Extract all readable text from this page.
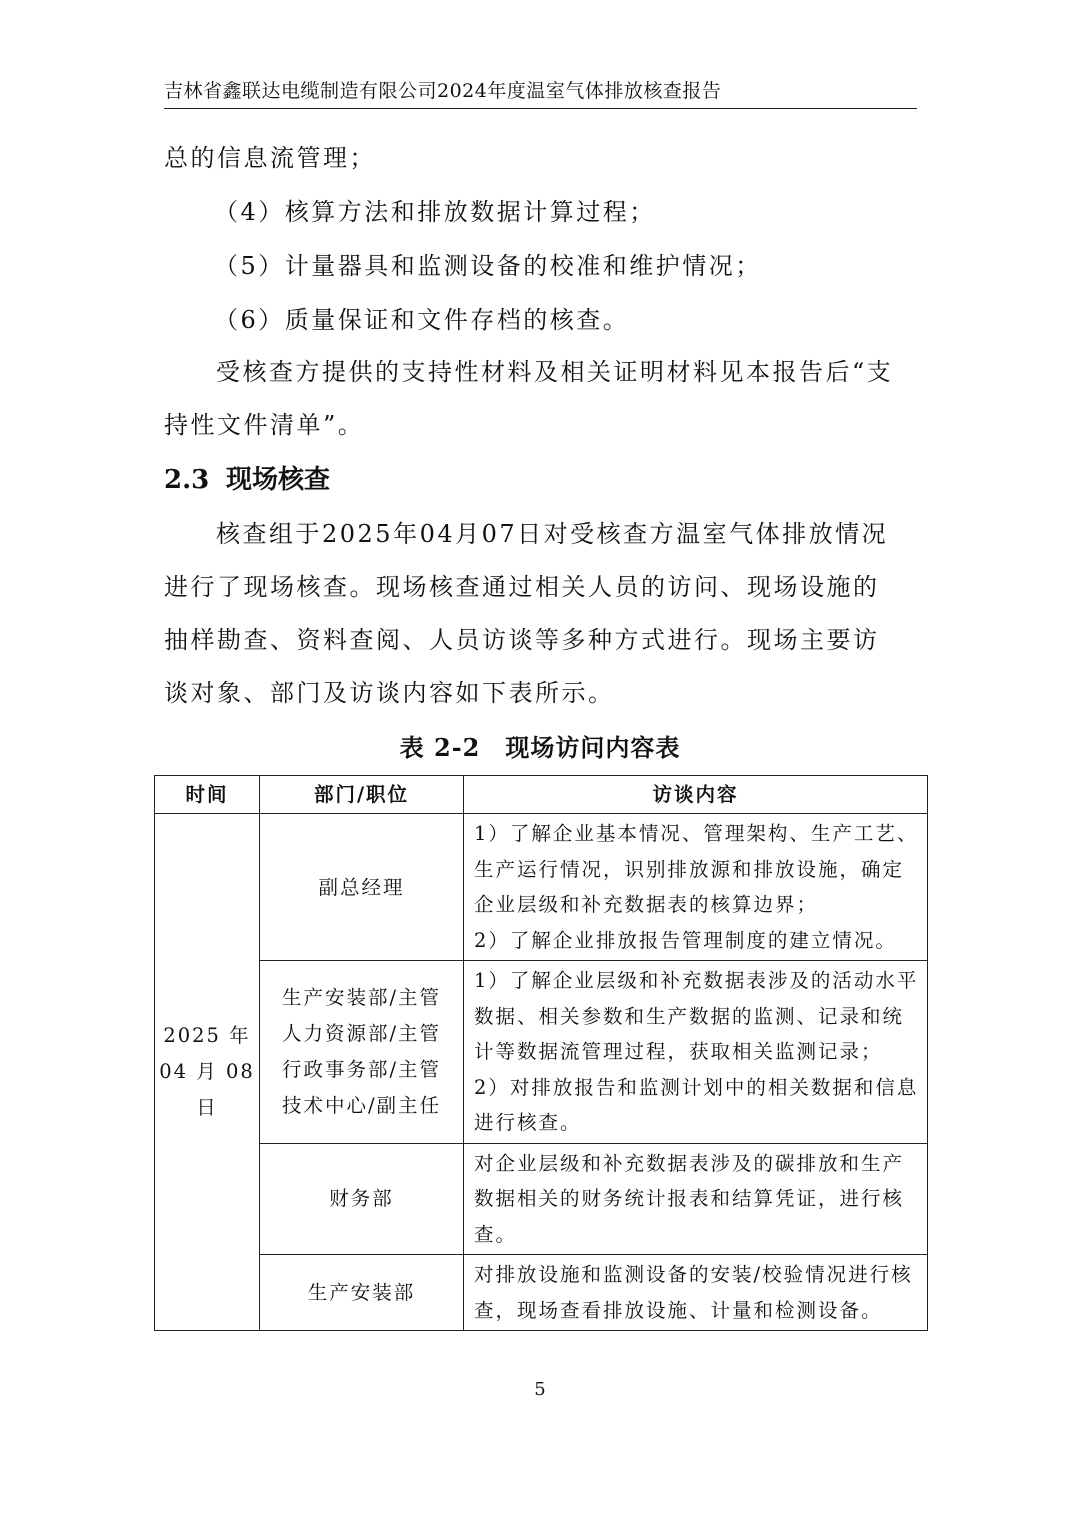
吉林省鑫联达电缆制造有限公司2024年度温室气体排放核查报告
总的信息流管理；
（4）核算方法和排放数据计算过程；
（5）计量器具和监测设备的校准和维护情况；
（6）质量保证和文件存档的核查。
受核查方提供的支持性材料及相关证明材料见本报告后“支持性文件清单”。
2.3 现场核查
核查组于2025年04月07日对受核查方温室气体排放情况进行了现场核查。现场核查通过相关人员的访问、现场设施的抽样勘查、资料查阅、人员访谈等多种方式进行。现场主要访谈对象、部门及访谈内容如下表所示。
表 2-2　现场访问内容表
时间	部门/职位	访谈内容
2025 年 04 月 08 日	副总经理	1）了解企业基本情况、管理架构、生产工艺、生产运行情况，识别排放源和排放设施，确定企业层级和补充数据表的核算边界；
2）了解企业排放报告管理制度的建立情况。
	生产安装部/主管
人力资源部/主管
行政事务部/主管
技术中心/副主任	1）了解企业层级和补充数据表涉及的活动水平数据、相关参数和生产数据的监测、记录和统计等数据流管理过程，获取相关监测记录；
2）对排放报告和监测计划中的相关数据和信息进行核查。
	财务部	对企业层级和补充数据表涉及的碳排放和生产数据相关的财务统计报表和结算凭证，进行核查。
	生产安装部	对排放设施和监测设备的安装/校验情况进行核查，现场查看排放设施、计量和检测设备。
5
